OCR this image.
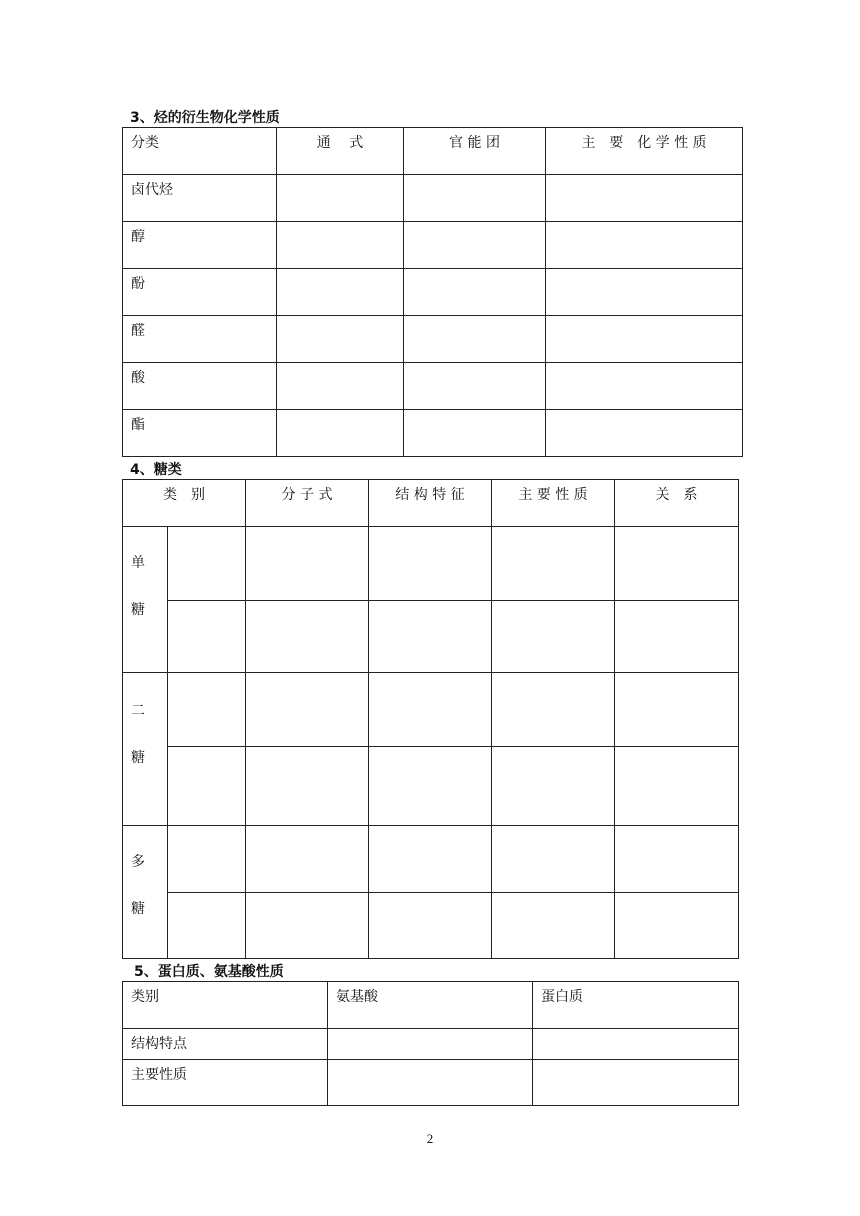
3、烃的衍生物化学性质
分类	通　 式	官 能 团	主　要　化 学 性 质
卤代烃			
醇			
酚			
醛			
酸			
酯			
4、糖类
类　别		分 子 式	结 构 特 征	主 要 性 质	关　系

单
糖					

二
糖					

多
糖					

5、蛋白质、氨基酸性质
类别	氨基酸	蛋白质
结构特点		
主要性质		
2
